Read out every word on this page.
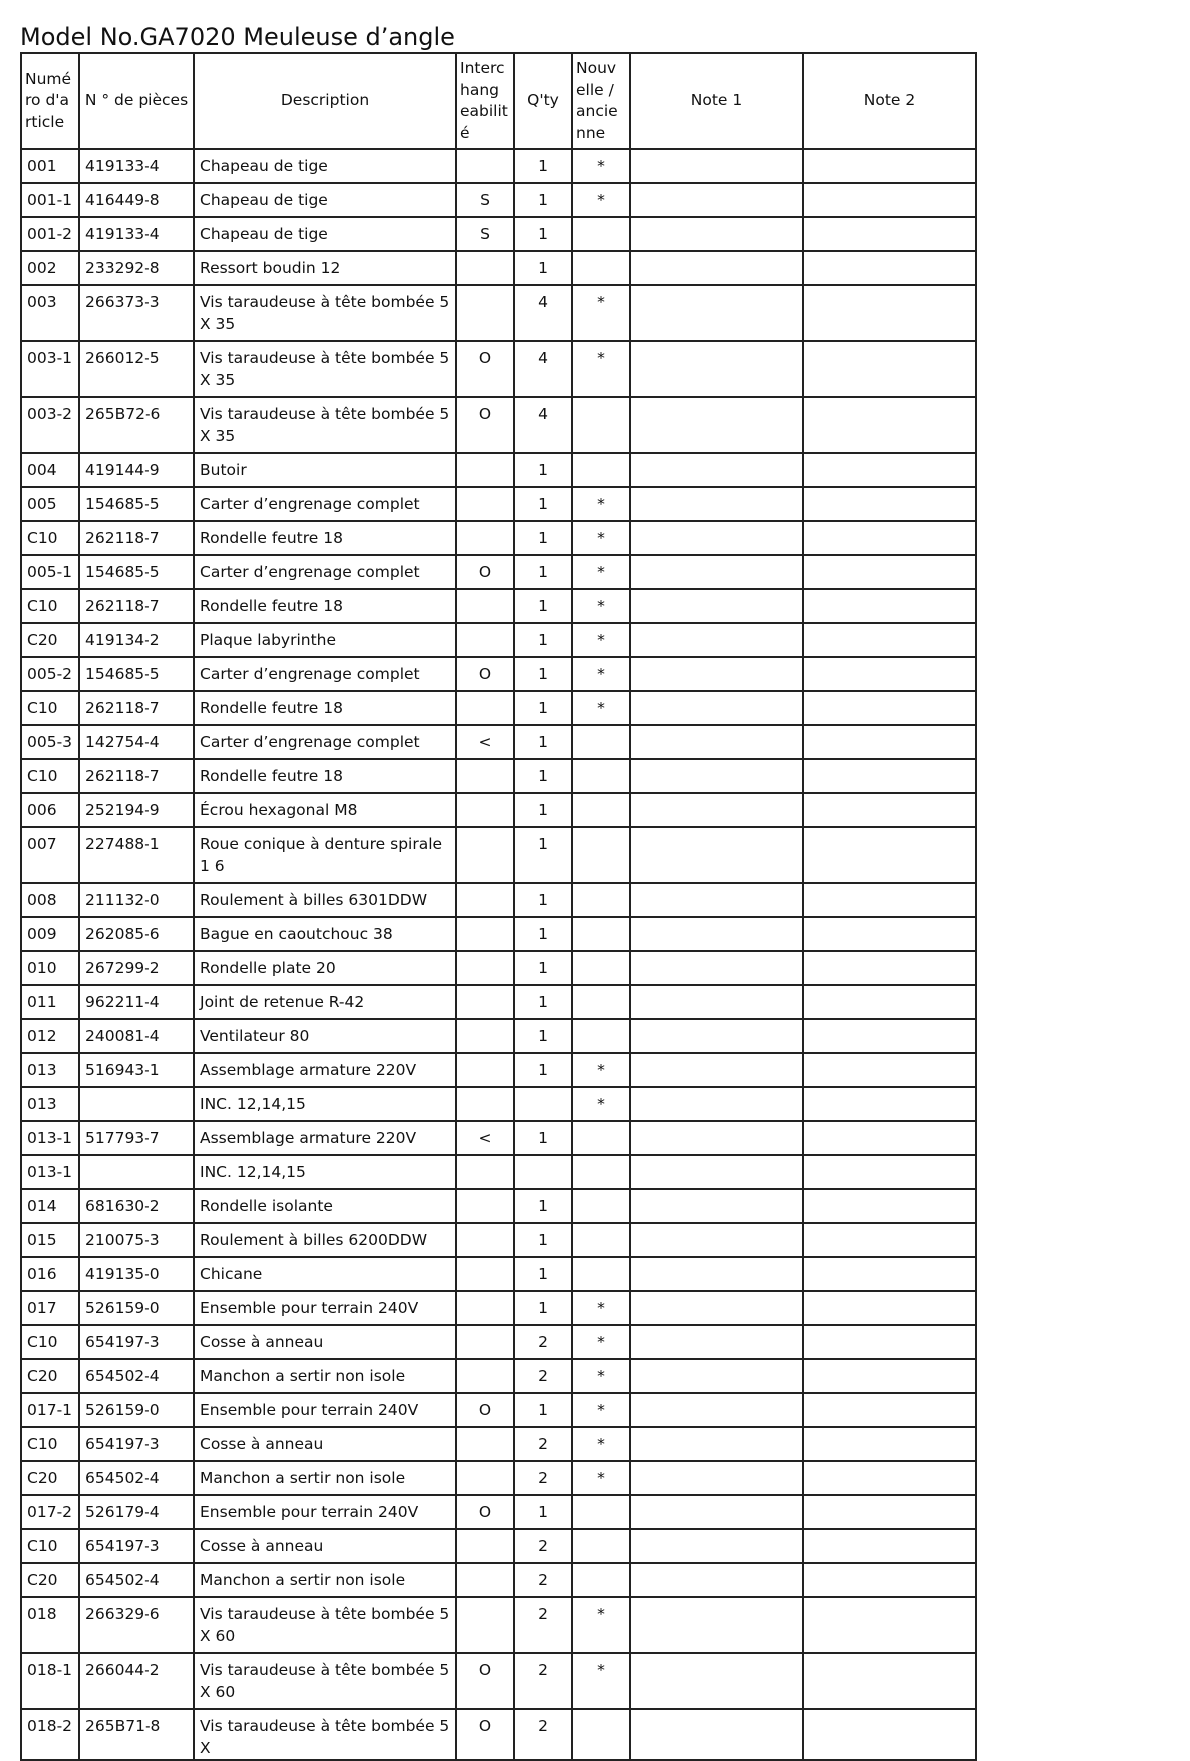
Model No.GA7020 Meuleuse d’angle
Numé ro d'a rticle	N ° de pièces	Description	Interc hang eabilit é	Q'ty	Nouv elle / ancie nne	Note 1	Note 2
001	419133-4	Chapeau de tige		1	*		
001-1	416449-8	Chapeau de tige	S	1	*		
001-2	419133-4	Chapeau de tige	S	1			
002	233292-8	Ressort boudin 12		1			
003	266373-3	Vis taraudeuse à tête bombée 5X 35		4	*		
003-1	266012-5	Vis taraudeuse à tête bombée 5X 35	O	4	*		
003-2	265B72-6	Vis taraudeuse à tête bombée 5X 35	O	4			
004	419144-9	Butoir		1			
005	154685-5	Carter d’engrenage complet		1	*		
C10	262118-7	Rondelle feutre 18		1	*		
005-1	154685-5	Carter d’engrenage complet	O	1	*		
C10	262118-7	Rondelle feutre 18		1	*		
C20	419134-2	Plaque labyrinthe		1	*		
005-2	154685-5	Carter d’engrenage complet	O	1	*		
C10	262118-7	Rondelle feutre 18		1	*		
005-3	142754-4	Carter d’engrenage complet	<	1			
C10	262118-7	Rondelle feutre 18		1			
006	252194-9	Écrou hexagonal M8		1			
007	227488-1	Roue conique à denture spirale 1 6		1			
008	211132-0	Roulement à billes 6301DDW		1			
009	262085-6	Bague en caoutchouc 38		1			
010	267299-2	Rondelle plate 20		1			
011	962211-4	Joint de retenue R-42		1			
012	240081-4	Ventilateur 80		1			
013	516943-1	Assemblage armature 220V		1	*		
013		INC. 12,14,15			*		
013-1	517793-7	Assemblage armature 220V	<	1			
013-1		INC. 12,14,15					
014	681630-2	Rondelle isolante		1			
015	210075-3	Roulement à billes 6200DDW		1			
016	419135-0	Chicane		1			
017	526159-0	Ensemble pour terrain 240V		1	*		
C10	654197-3	Cosse à anneau		2	*		
C20	654502-4	Manchon a sertir non isole		2	*		
017-1	526159-0	Ensemble pour terrain 240V	O	1	*		
C10	654197-3	Cosse à anneau		2	*		
C20	654502-4	Manchon a sertir non isole		2	*		
017-2	526179-4	Ensemble pour terrain 240V	O	1			
C10	654197-3	Cosse à anneau		2			
C20	654502-4	Manchon a sertir non isole		2			
018	266329-6	Vis taraudeuse à tête bombée 5X 60		2	*		
018-1	266044-2	Vis taraudeuse à tête bombée 5X 60	O	2	*		
018-2	265B71-8	Vis taraudeuse à tête bombée 5X	O	2			
